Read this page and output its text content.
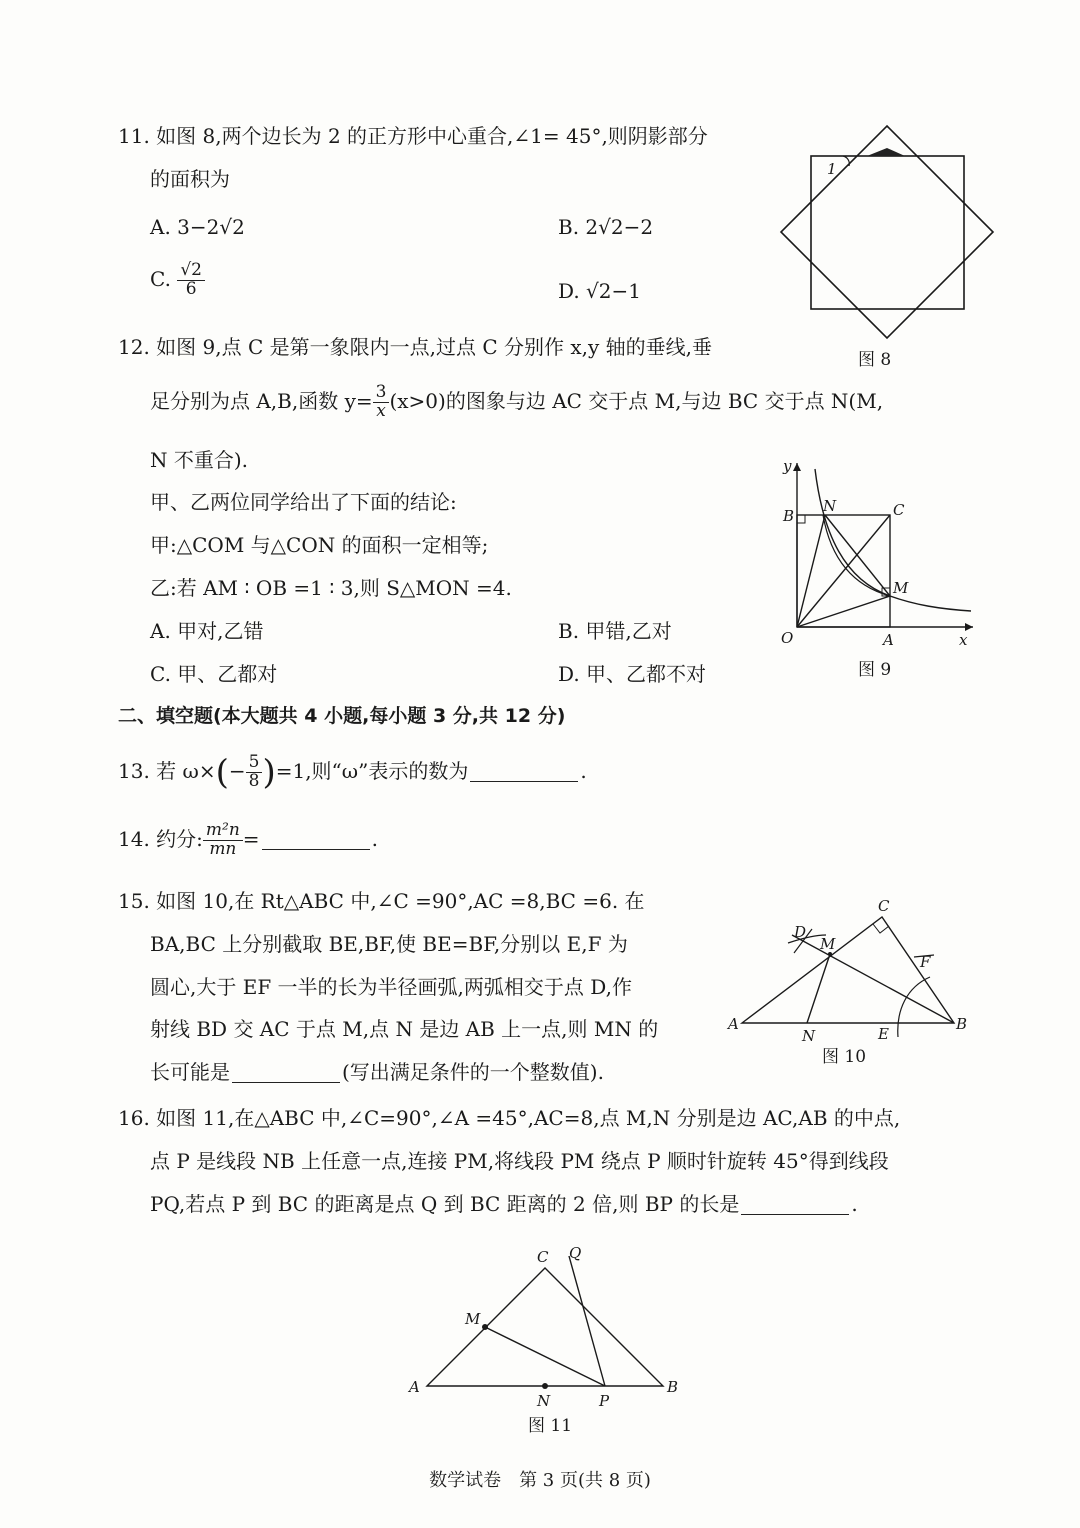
11. 如图 8,两个边长为 2 的正方形中心重合,∠1= 45°,则阴影部分
的面积为
A. 3−2√2	B. 2√2−2
C. $\frac{√2}{6}$	D. √2−1
1
图 8
12. 如图 9,点 C 是第一象限内一点,过点 C 分别作 x,y 轴的垂线,垂
足分别为点 A,B,函数 $y= \frac{3}{x} (x>0)$的图象与边 AC 交于点 M,与边 BC 交于点 N(M,
N 不重合).
甲、乙两位同学给出了下面的结论:
甲:△COM 与△CON 的面积一定相等;
乙:若 AM ∶ OB =1 ∶ 3,则 S△MON =4.
A. 甲对,乙错	B. 甲错,乙对
C. 甲、乙都对	D. 甲、乙都不对
y
x
B
N	C
M
O	A
图 9
二、填空题(本大题共 4 小题,每小题 3 分,共 12 分)
13. 若 $\omega\times(- \frac{5}{8} )=1$,则“ω”表示的数为	.
14. 约分: $\frac{\text{m²n}}{mn}$ =	.
15. 如图 10,在 Rt△ABC 中,∠C =90°,AC =8,BC =6. 在
BA,BC 上分别截取 BE,BF,使 BE=BF,分别以 E,F 为
圆心,大于 EF 一半的长为半径画弧,两弧相交于点 D,作
射线 BD 交 AC 于点 M,点 N 是边 AB 上一点,则 MN 的
长可能是	(写出满足条件的一个整数值).
C
D
M
F
A
N	E
B
图 10
16. 如图 11,在△ABC 中,∠C=90°,∠A =45°,AC=8,点 M,N 分别是边 AC,AB 的中点,
点 P 是线段 NB 上任意一点,连接 PM,将线段 PM 绕点 P 顺时针旋转 45°得到线段
PQ,若点 P 到 BC 的距离是点 Q 到 BC 距离的 2 倍,则 BP 的长是	.
C Q
M
A
N	P
B
图 11
数学试卷　第 3 页(共 8 页)
